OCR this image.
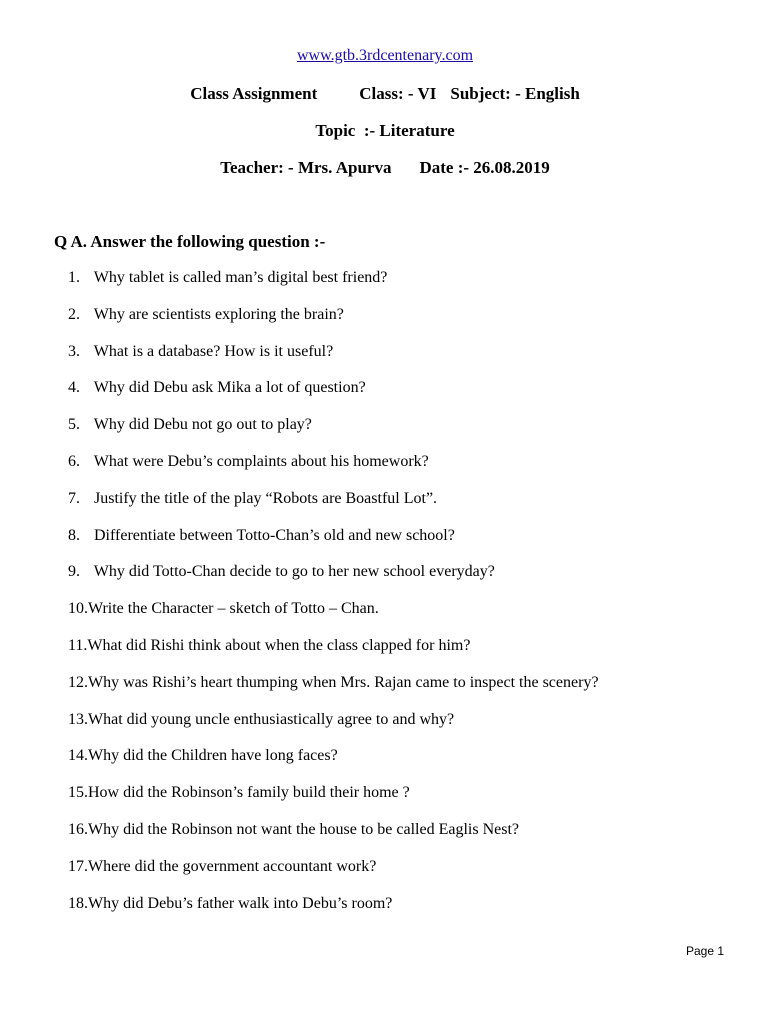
www.gtb.3rdcentenary.com
Class Assignment Class: - VI Subject: - English
Topic  :- Literature
Teacher: - Mrs. Apurva Date :- 26.08.2019
Q A. Answer the following question :-
1. Why tablet is called man’s digital best friend?
2. Why are scientists exploring the brain?
3. What is a database? How is it useful?
4. Why did Debu ask Mika a lot of question?
5. Why did Debu not go out to play?
6. What were Debu’s complaints about his homework?
7. Justify the title of the play “Robots are Boastful Lot”.
8. Differentiate between Totto-Chan’s old and new school?
9. Why did Totto-Chan decide to go to her new school everyday?
10.Write the Character – sketch of Totto – Chan.
11.What did Rishi think about when the class clapped for him?
12.Why was Rishi’s heart thumping when Mrs. Rajan came to inspect the scenery?
13.What did young uncle enthusiastically agree to and why?
14.Why did the Children have long faces?
15.How did the Robinson’s family build their home ?
16.Why did the Robinson not want the house to be called Eaglis Nest?
17.Where did the government accountant work?
18.Why did Debu’s father walk into Debu’s room?
Page 1
